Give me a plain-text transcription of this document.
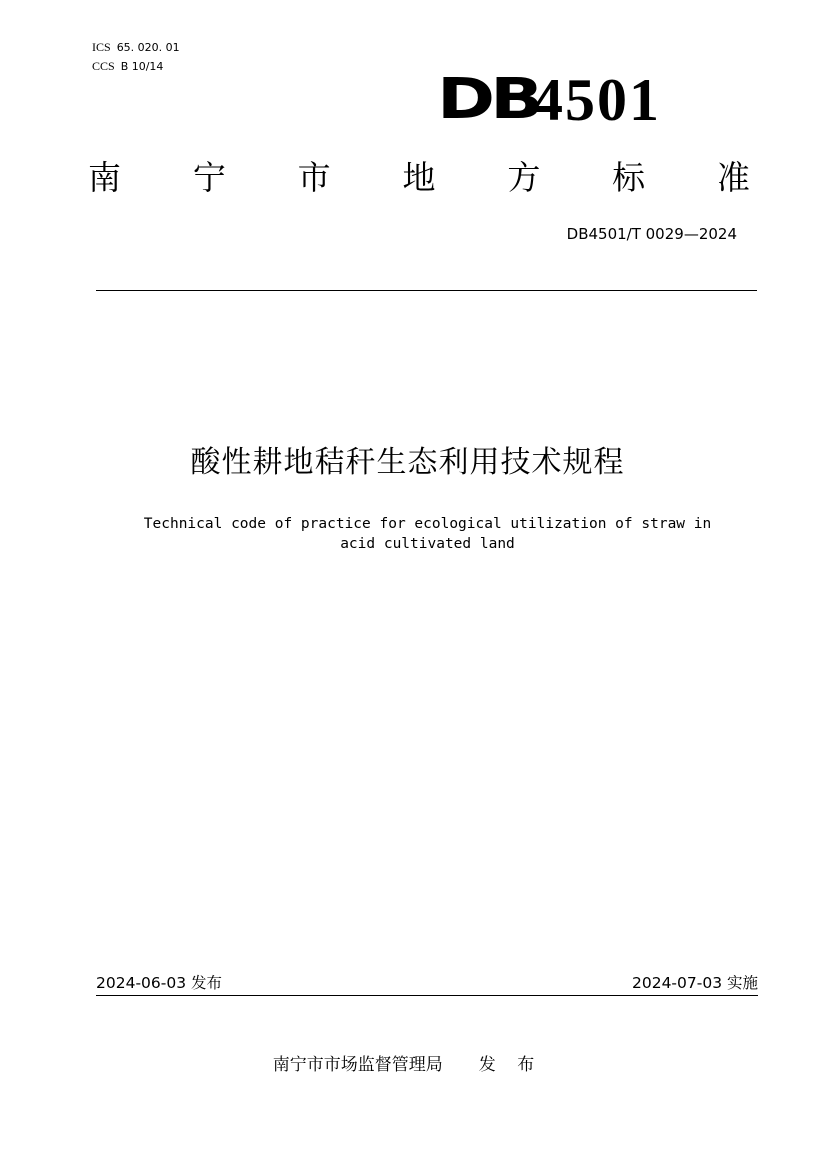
ICS 65. 020. 01
CCS B 10/14
DB
4501
南 宁 市 地 方 标 准
DB4501/T 0029—2024
酸性耕地秸秆生态利用技术规程
Technical code of practice for ecological utilization of straw in
acid cultivated land
2024-06-03 发布	2024-07-03 实施
南宁市市场监督管理局 发 布
